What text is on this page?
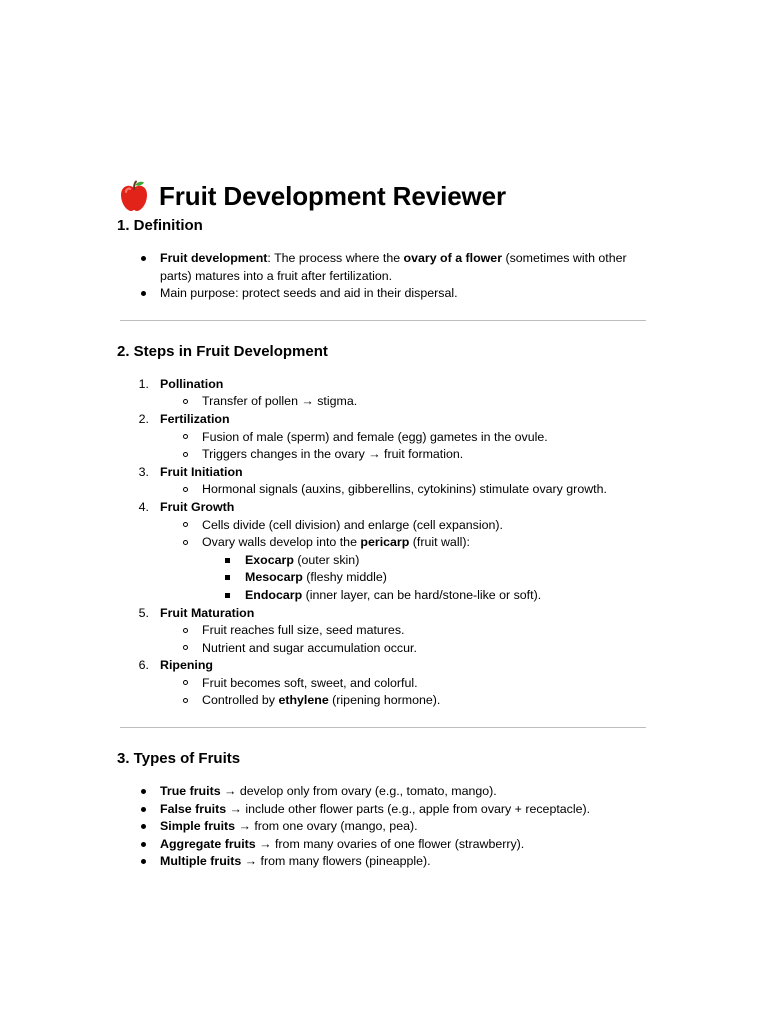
Fruit Development Reviewer
1. Definition
Fruit development: The process where the ovary of a flower (sometimes with other
parts) matures into a fruit after fertilization.
Main purpose: protect seeds and aid in their dispersal.
2. Steps in Fruit Development
1. Pollination
Transfer of pollen → stigma.
2. Fertilization
Fusion of male (sperm) and female (egg) gametes in the ovule.
Triggers changes in the ovary → fruit formation.
3. Fruit Initiation
Hormonal signals (auxins, gibberellins, cytokinins) stimulate ovary growth.
4. Fruit Growth
Cells divide (cell division) and enlarge (cell expansion).
Ovary walls develop into the pericarp (fruit wall):
Exocarp (outer skin)
Mesocarp (fleshy middle)
Endocarp (inner layer, can be hard/stone-like or soft).
5. Fruit Maturation
Fruit reaches full size, seed matures.
Nutrient and sugar accumulation occur.
6. Ripening
Fruit becomes soft, sweet, and colorful.
Controlled by ethylene (ripening hormone).
3. Types of Fruits
True fruits → develop only from ovary (e.g., tomato, mango).
False fruits → include other flower parts (e.g., apple from ovary + receptacle).
Simple fruits → from one ovary (mango, pea).
Aggregate fruits → from many ovaries of one flower (strawberry).
Multiple fruits → from many flowers (pineapple).
